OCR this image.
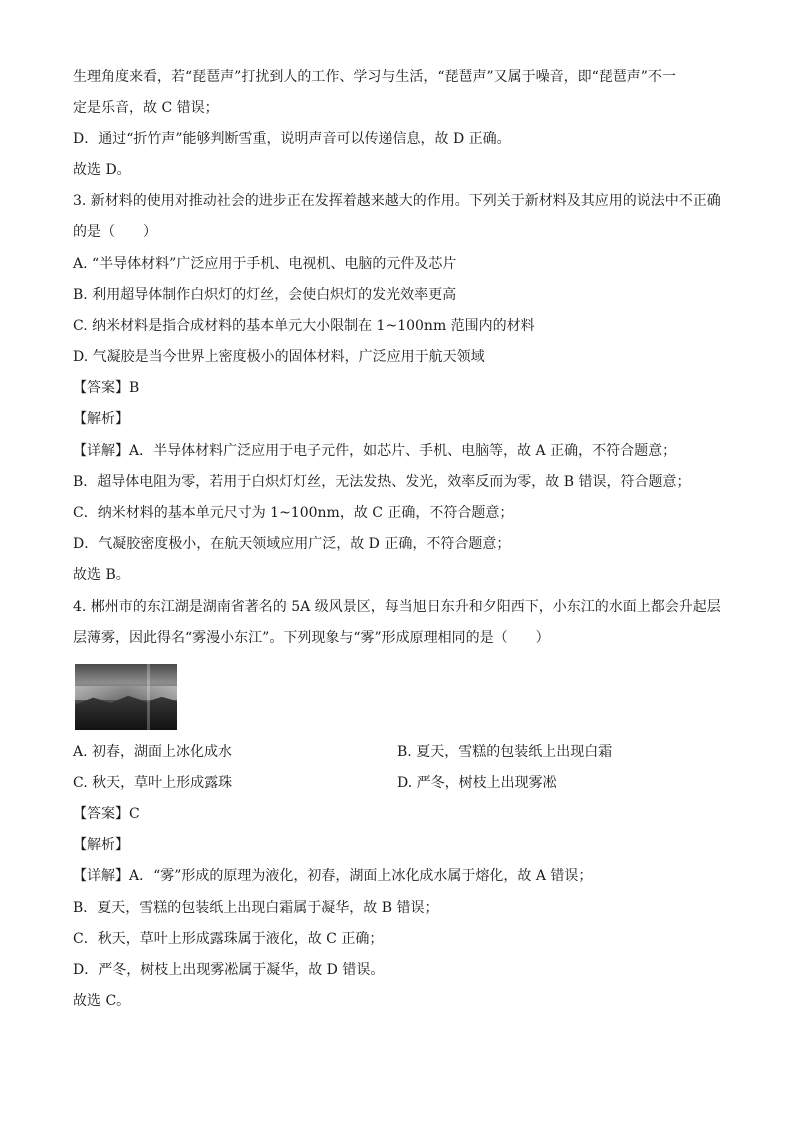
生理角度来看，若“琵琶声”打扰到人的工作、学习与生活，“琵琶声”又属于噪音，即“琵琶声”不一
定是乐音，故 C 错误；
D．通过“折竹声”能够判断雪重，说明声音可以传递信息，故 D 正确。
故选 D。
3. 新材料的使用对推动社会的进步正在发挥着越来越大的作用。下列关于新材料及其应用的说法中不正确
的是（　　）
A. “半导体材料”广泛应用于手机、电视机、电脑的元件及芯片
B. 利用超导体制作白炽灯的灯丝，会使白炽灯的发光效率更高
C. 纳米材料是指合成材料的基本单元大小限制在 1~100nm 范围内的材料
D. 气凝胶是当今世界上密度极小的固体材料，广泛应用于航天领域
【答案】B
【解析】
【详解】A．半导体材料广泛应用于电子元件，如芯片、手机、电脑等，故 A 正确，不符合题意；
B．超导体电阻为零，若用于白炽灯灯丝，无法发热、发光，效率反而为零，故 B 错误，符合题意；
C．纳米材料的基本单元尺寸为 1~100nm，故 C 正确，不符合题意；
D．气凝胶密度极小，在航天领域应用广泛，故 D 正确，不符合题意；
故选 B。
4. 郴州市的东江湖是湖南省著名的 5A 级风景区，每当旭日东升和夕阳西下，小东江的水面上都会升起层
层薄雾，因此得名“雾漫小东江”。下列现象与“雾”形成原理相同的是（　　）
A. 初春，湖面上冰化成水	B. 夏天，雪糕的包装纸上出现白霜
C. 秋天，草叶上形成露珠	D. 严冬，树枝上出现雾凇
【答案】C
【解析】
【详解】A．“雾”形成的原理为液化，初春，湖面上冰化成水属于熔化，故 A 错误；
B．夏天，雪糕的包装纸上出现白霜属于凝华，故 B 错误；
C．秋天，草叶上形成露珠属于液化，故 C 正确；
D．严冬，树枝上出现雾凇属于凝华，故 D 错误。
故选 C。
